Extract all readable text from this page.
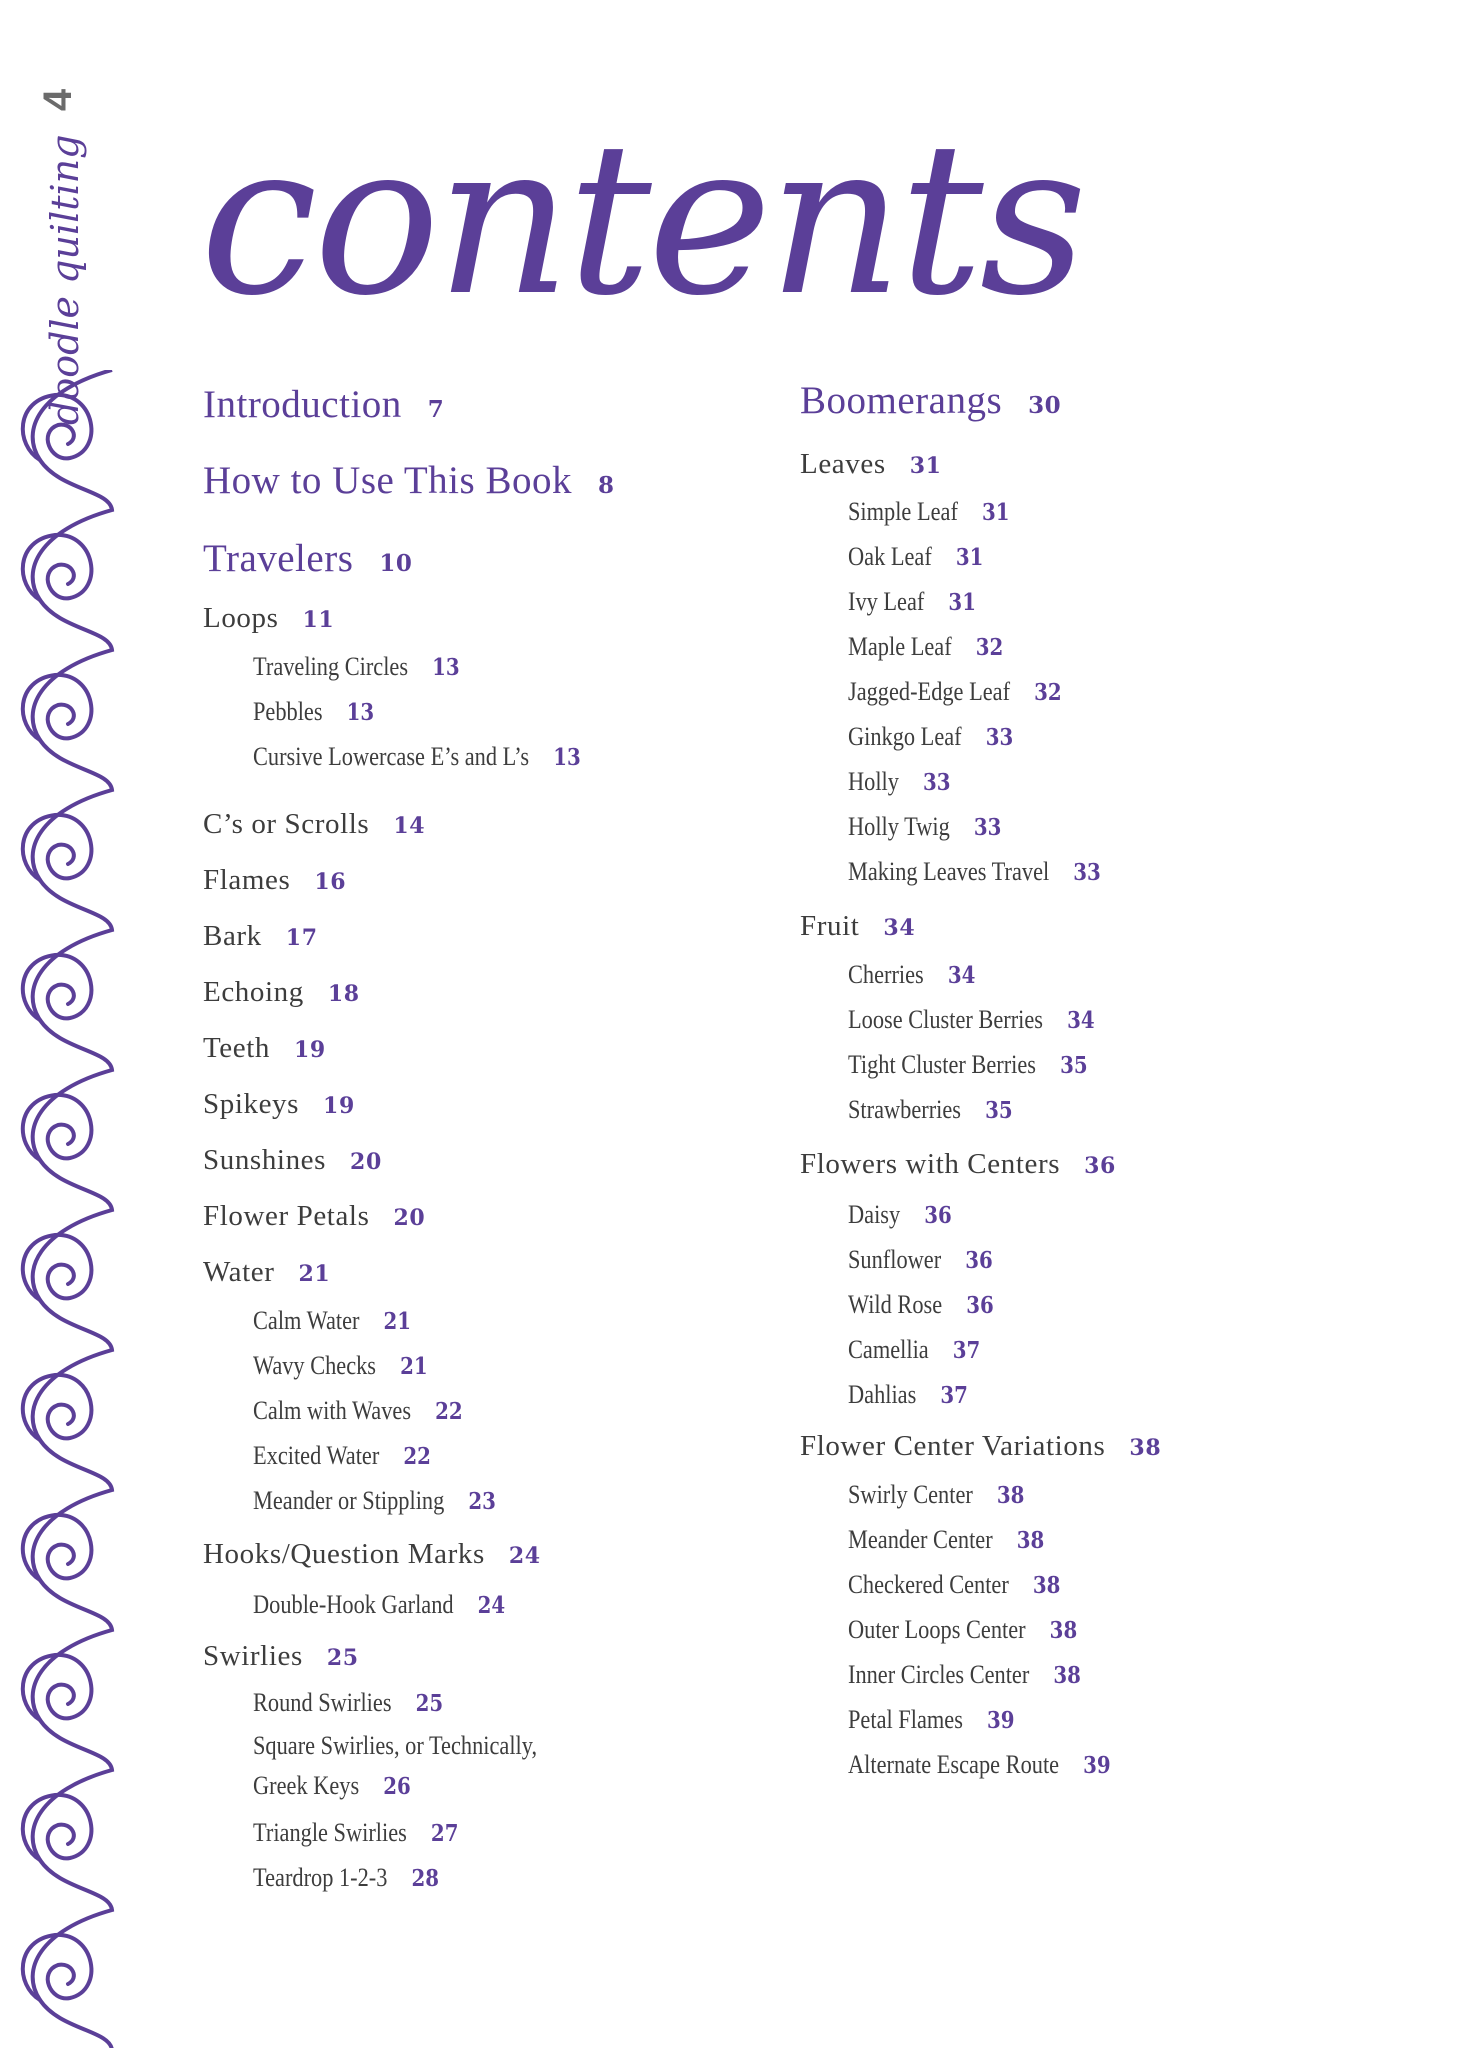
4
doodle quilting contents
Introduction 7
How to Use This Book 8
Travelers 10
Loops 11
Traveling Circles 13
Pebbles 13
Cursive Lowercase E’s and L’s 13
C’s or Scrolls 14
Flames 16
Bark 17
Echoing 18
Teeth 19
Spikeys 19
Sunshines 20
Flower Petals 20
Water 21
Calm Water 21
Wavy Checks 21
Calm with Waves 22
Excited Water 22
Meander or Stippling 23
Hooks/Question Marks 24
Double-Hook Garland 24
Swirlies 25
Round Swirlies 25
Square Swirlies, or Technically,
Greek Keys 26
Triangle Swirlies 27
Teardrop 1-2-3 28
Boomerangs 30
Leaves 31
Simple Leaf 31
Oak Leaf 31
Ivy Leaf 31
Maple Leaf 32
Jagged-Edge Leaf 32
Ginkgo Leaf 33
Holly 33
Holly Twig 33
Making Leaves Travel 33
Fruit 34
Cherries 34
Loose Cluster Berries 34
Tight Cluster Berries 35
Strawberries 35
Flowers with Centers 36
Daisy 36
Sunflower 36
Wild Rose 36
Camellia 37
Dahlias 37
Flower Center Variations 38
Swirly Center 38
Meander Center 38
Checkered Center 38
Outer Loops Center 38
Inner Circles Center 38
Petal Flames 39
Alternate Escape Route 39
